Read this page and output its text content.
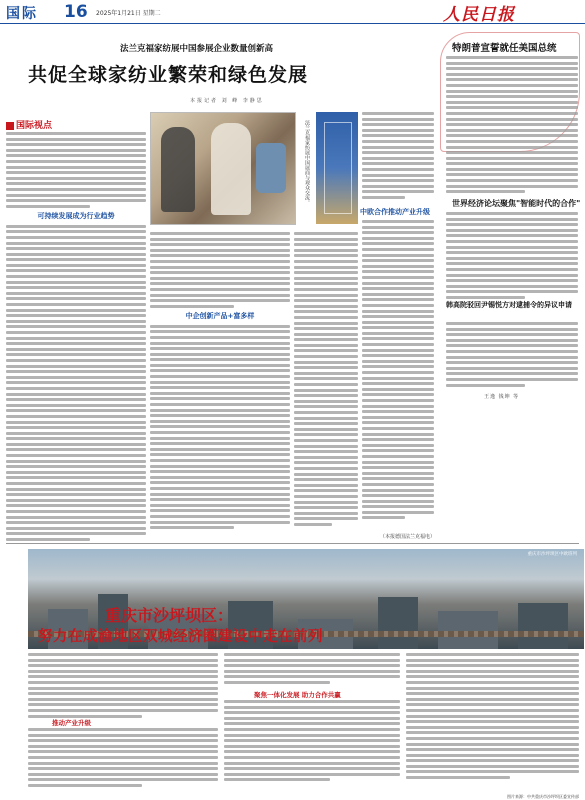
国际 16 2025年1月21日 星期二	人民日报
法兰克福家纺展中国参展企业数量创新高
共促全球家纺业繁荣和绿色发展
本报记者 刘 峰 李静思
国际视点
可持续发展成为行业趋势
法兰克福家纺展中国展商与观众交流。
中企创新产品+富多样
中欧合作推动产业升级
（本报德国法兰克福电）
特朗普宣誓就任美国总统
世界经济论坛聚焦"智能时代的合作"
韩高院驳回尹锡悦方对逮捕令的异议申请
王逸 钱坤 等
重庆市沙坪坝区中欧班列
重庆市沙坪坝区：
努力在成渝地区双城经济圈建设中走在前列
推动产业升级
聚焦一体化发展 助力合作共赢
图片来源：中共重庆市沙坪坝区委宣传部
